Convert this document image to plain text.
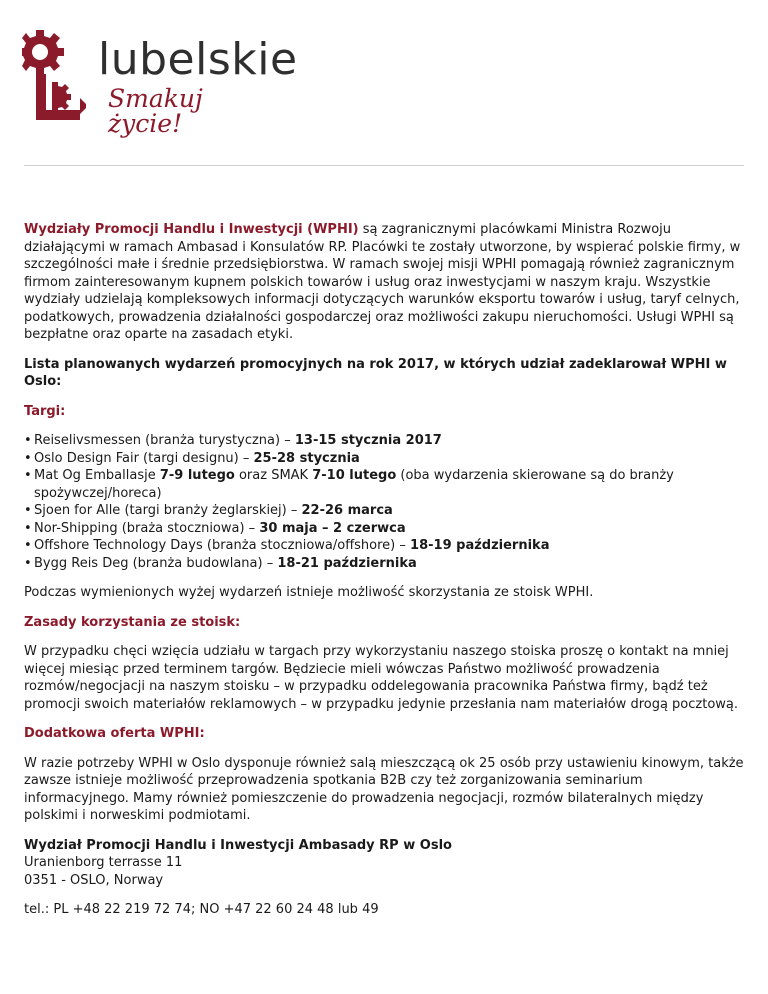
lubelskie
Smakuj życie!

Wydziały Promocji Handlu i Inwestycji (WPHI) są zagranicznymi placówkami Ministra Rozwoju działającymi w ramach Ambasad i Konsulatów RP. Placówki te zostały utworzone, by wspierać polskie firmy, w szczególności małe i średnie przedsiębiorstwa. W ramach swojej misji WPHI pomagają również zagranicznym firmom zainteresowanym kupnem polskich towarów i usług oraz inwestycjami w naszym kraju. Wszystkie wydziały udzielają kompleksowych informacji dotyczących warunków eksportu towarów i usług, taryf celnych, podatkowych, prowadzenia działalności gospodarczej oraz możliwości zakupu nieruchomości. Usługi WPHI są bezpłatne oraz oparte na zasadach etyki.

Lista planowanych wydarzeń promocyjnych na rok 2017, w których udział zadeklarował WPHI w Oslo:

Targi:
• Reiselivsmessen (branża turystyczna) – 13-15 stycznia 2017
• Oslo Design Fair (targi designu) – 25-28 stycznia
• Mat Og Emballasje 7-9 lutego oraz SMAK 7-10 lutego (oba wydarzenia skierowane są do branży spożywczej/horeca)
• Sjoen for Alle (targi branży żeglarskiej) – 22-26 marca
• Nor-Shipping (braża stoczniowa) – 30 maja – 2 czerwca
• Offshore Technology Days (branża stoczniowa/offshore) – 18-19 października
• Bygg Reis Deg (branża budowlana) – 18-21 października

Podczas wymienionych wyżej wydarzeń istnieje możliwość skorzystania ze stoisk WPHI.

Zasady korzystania ze stoisk:

W przypadku chęci wzięcia udziału w targach przy wykorzystaniu naszego stoiska proszę o kontakt na mniej więcej miesiąc przed terminem targów. Będziecie mieli wówczas Państwo możliwość prowadzenia rozmów/negocjacji na naszym stoisku – w przypadku oddelegowania pracownika Państwa firmy, bądź też promocji swoich materiałów reklamowych – w przypadku jedynie przesłania nam materiałów drogą pocztową.

Dodatkowa oferta WPHI:

W razie potrzeby WPHI w Oslo dysponuje również salą mieszczącą ok 25 osób przy ustawieniu kinowym, także zawsze istnieje możliwość przeprowadzenia spotkania B2B czy też zorganizowania seminarium informacyjnego. Mamy również pomieszczenie do prowadzenia negocjacji, rozmów bilateralnych między polskimi i norweskimi podmiotami.

Wydział Promocji Handlu i Inwestycji Ambasady RP w Oslo

Uranienborg terrasse 11

0351 - OSLO, Norway

tel.: PL +48 22 219 72 74; NO +47 22 60 24 48 lub 49
